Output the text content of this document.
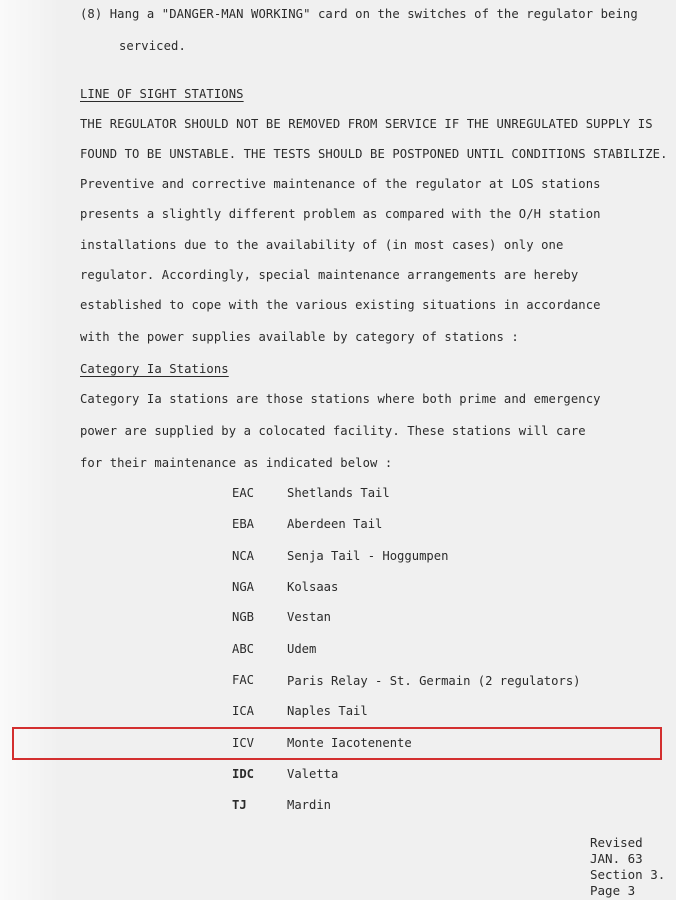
(8) Hang a "DANGER-MAN WORKING" card on the switches of the regulator being
serviced.
LINE OF SIGHT STATIONS
THE REGULATOR SHOULD NOT BE REMOVED FROM SERVICE IF THE UNREGULATED SUPPLY IS
FOUND TO BE UNSTABLE. THE TESTS SHOULD BE POSTPONED UNTIL CONDITIONS STABILIZE.
Preventive and corrective maintenance of the regulator at LOS stations
presents a slightly different problem as compared with the O/H station
installations due to the availability of (in most cases) only one
regulator. Accordingly, special maintenance arrangements are hereby
established to cope with the various existing situations in accordance
with the power supplies available by category of stations :
Category Ia Stations
Category Ia stations are those stations where both prime and emergency
power are supplied by a colocated facility. These stations will care
for their maintenance as indicated below :
EAC	Shetlands Tail
EBA	Aberdeen Tail
NCA	Senja Tail - Hoggumpen
NGA	Kolsaas
NGB	Vestan
ABC	Udem
FAC	Paris Relay - St. Germain (2 regulators)
ICA	Naples Tail
ICV	Monte Iacotenente
IDC	Valetta
TJ	Mardin
Revised
JAN. 63
Section 3.
Page 3
